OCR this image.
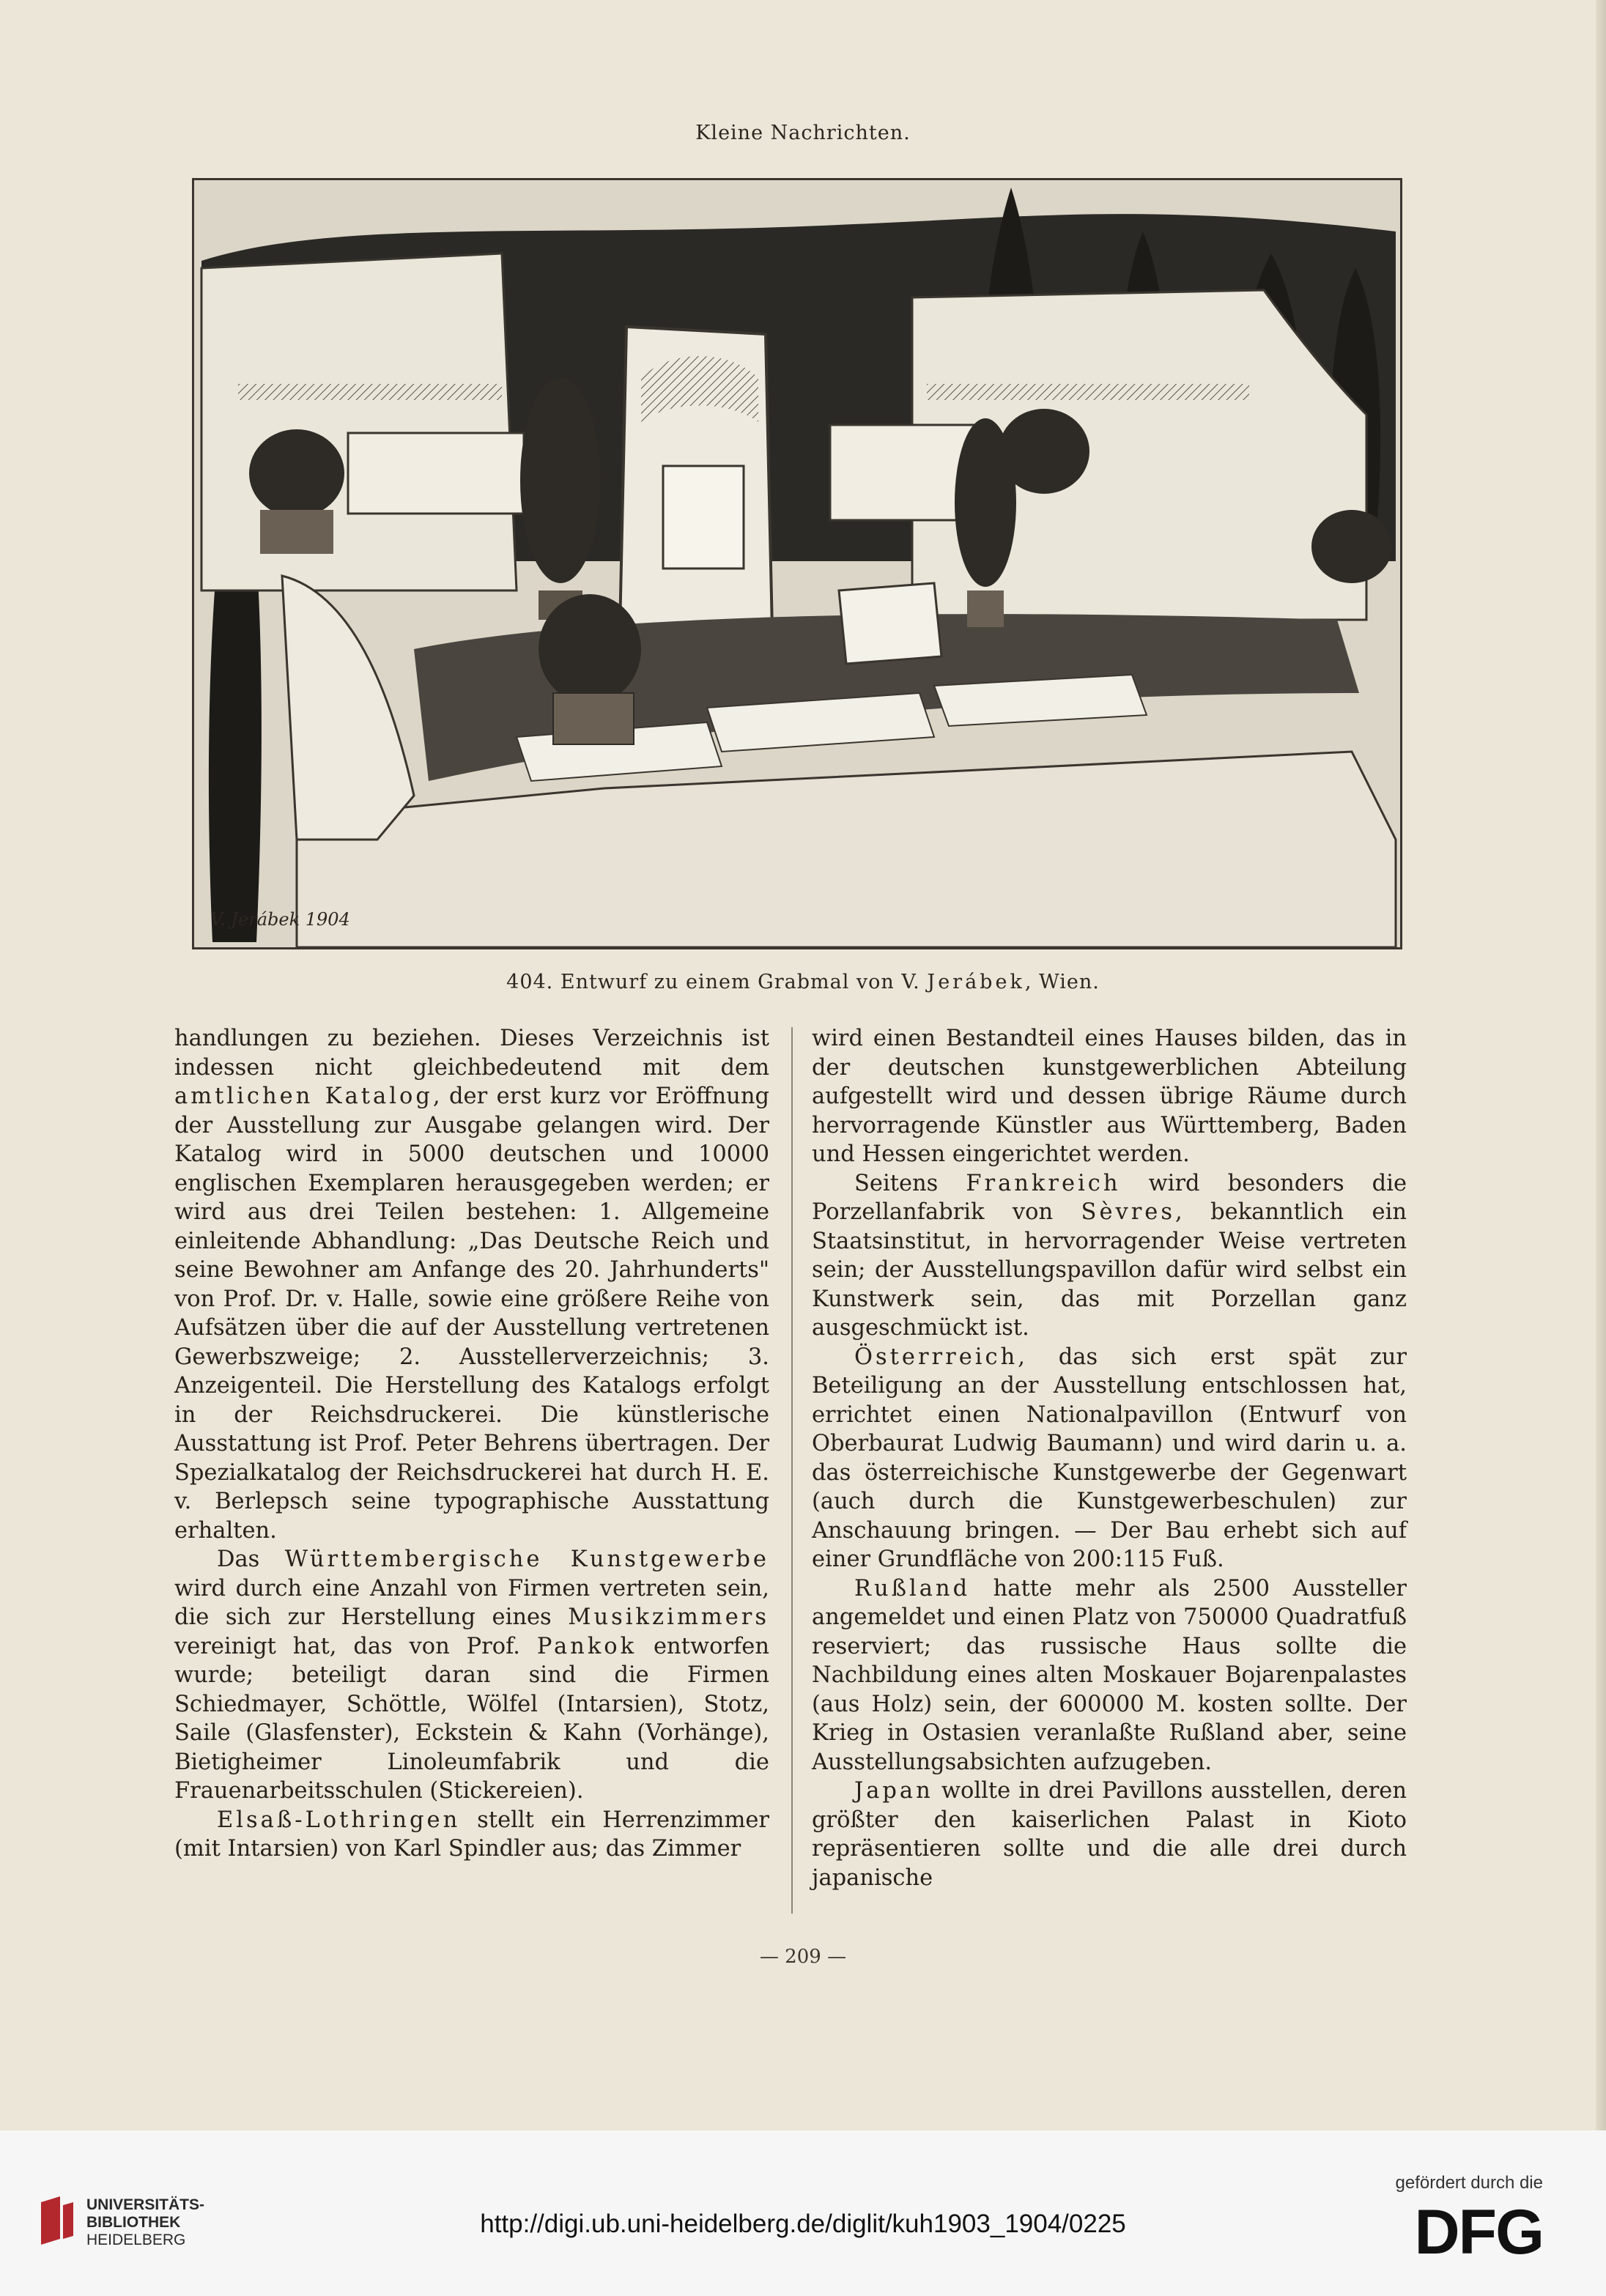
Kleine Nachrichten.
V. Jerábek 1904
404. Entwurf zu einem Grabmal von V. Jerábek, Wien.

handlungen zu beziehen. Dieses Verzeichnis ist indessen nicht gleichbedeutend mit dem amtlichen Katalog, der erst kurz vor Eröffnung der Ausstellung zur Ausgabe gelangen wird. Der Katalog wird in 5000 deutschen und 10000 englischen Exemplaren herausgegeben werden; er wird aus drei Teilen bestehen: 1. Allgemeine einleitende Abhandlung: „Das Deutsche Reich und seine Bewohner am Anfange des 20. Jahrhunderts" von Prof. Dr. v. Halle, sowie eine größere Reihe von Aufsätzen über die auf der Ausstellung vertretenen Gewerbszweige; 2. Ausstellerverzeichnis; 3. Anzeigenteil. Die Herstellung des Katalogs erfolgt in der Reichsdruckerei. Die künstlerische Ausstattung ist Prof. Peter Behrens übertragen. Der Spezialkatalog der Reichsdruckerei hat durch H. E. v. Berlepsch seine typographische Ausstattung erhalten.

Das Württembergische Kunstgewerbe wird durch eine Anzahl von Firmen vertreten sein, die sich zur Herstellung eines Musikzimmers vereinigt hat, das von Prof. Pankok entworfen wurde; beteiligt daran sind die Firmen Schiedmayer, Schöttle, Wölfel (Intarsien), Stotz, Saile (Glasfenster), Eckstein & Kahn (Vorhänge), Bietigheimer Linoleumfabrik und die Frauenarbeitsschulen (Stickereien).

Elsaß-Lothringen stellt ein Herrenzimmer (mit Intarsien) von Karl Spindler aus; das Zimmer

wird einen Bestandteil eines Hauses bilden, das in der deutschen kunstgewerblichen Abteilung aufgestellt wird und dessen übrige Räume durch hervorragende Künstler aus Württemberg, Baden und Hessen eingerichtet werden.

Seitens Frankreich wird besonders die Porzellanfabrik von Sèvres, bekanntlich ein Staatsinstitut, in hervorragender Weise vertreten sein; der Ausstellungspavillon dafür wird selbst ein Kunstwerk sein, das mit Porzellan ganz ausgeschmückt ist.

Österrreich, das sich erst spät zur Beteiligung an der Ausstellung entschlossen hat, errichtet einen Nationalpavillon (Entwurf von Oberbaurat Ludwig Baumann) und wird darin u. a. das österreichische Kunstgewerbe der Gegenwart (auch durch die Kunstgewerbeschulen) zur Anschauung bringen. — Der Bau erhebt sich auf einer Grundfläche von 200:115 Fuß.

Rußland hatte mehr als 2500 Aussteller angemeldet und einen Platz von 750000 Quadratfuß reserviert; das russische Haus sollte die Nachbildung eines alten Moskauer Bojarenpalastes (aus Holz) sein, der 600000 M. kosten sollte. Der Krieg in Ostasien veranlaßte Rußland aber, seine Ausstellungsabsichten aufzugeben.

Japan wollte in drei Pavillons ausstellen, deren größter den kaiserlichen Palast in Kioto repräsentieren sollte und die alle drei durch japanische

— 209 —
UNIVERSITÄTS-
BIBLIOTHEK
HEIDELBERG
http://digi.ub.uni-heidelberg.de/diglit/kuh1903_1904/0225
gefördert durch die
DFG
